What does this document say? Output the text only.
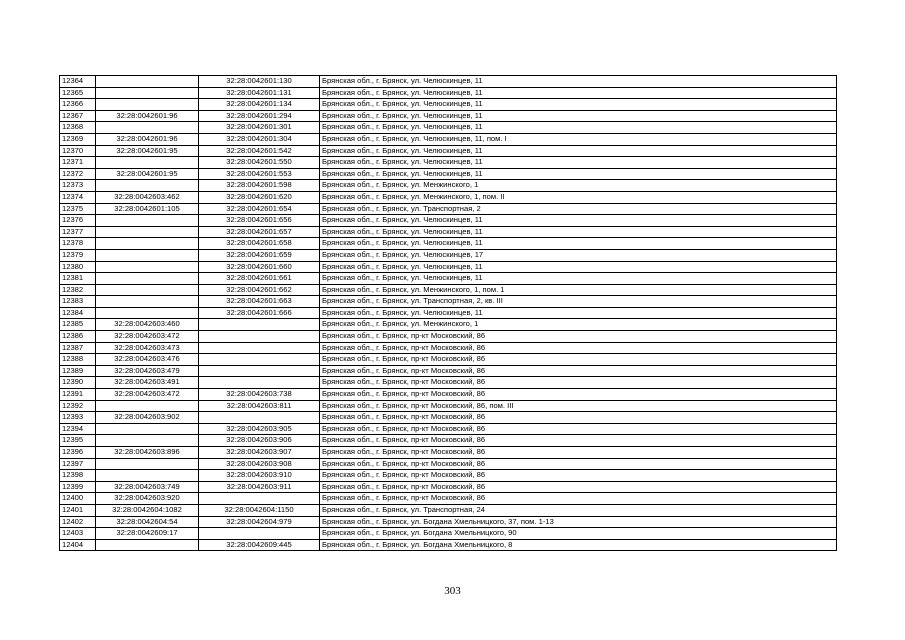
12364		32:28:0042601:130	Брянская обл., г. Брянск, ул. Челюскинцев, 11
12365		32:28:0042601:131	Брянская обл., г. Брянск, ул. Челюскинцев, 11
12366		32:28:0042601:134	Брянская обл., г. Брянск, ул. Челюскинцев, 11
12367	32:28:0042601:96	32:28:0042601:294	Брянская обл., г. Брянск, ул. Челюскинцев, 11
12368		32:28:0042601:301	Брянская обл., г. Брянск, ул. Челюскинцев, 11
12369	32:28:0042601:96	32:28:0042601:304	Брянская обл., г. Брянск, ул. Челюскинцев, 11, пом. I
12370	32:28:0042601:95	32:28:0042601:542	Брянская обл., г. Брянск, ул. Челюскинцев, 11
12371		32:28:0042601:550	Брянская обл., г. Брянск, ул. Челюскинцев, 11
12372	32:28:0042601:95	32:28:0042601:553	Брянская обл., г. Брянск, ул. Челюскинцев, 11
12373		32:28:0042601:598	Брянская обл., г. Брянск, ул. Менжинского, 1
12374	32:28:0042603:462	32:28:0042601:620	Брянская обл., г. Брянск, ул. Менжинского, 1, пом. II
12375	32:28:0042601:105	32:28:0042601:654	Брянская обл., г. Брянск, ул. Транспортная, 2
12376		32:28:0042601:656	Брянская обл., г. Брянск, ул. Челюскинцев, 11
12377		32:28:0042601:657	Брянская обл., г. Брянск, ул. Челюскинцев, 11
12378		32:28:0042601:658	Брянская обл., г. Брянск, ул. Челюскинцев, 11
12379		32:28:0042601:659	Брянская обл., г. Брянск, ул. Челюскинцев, 17
12380		32:28:0042601:660	Брянская обл., г. Брянск, ул. Челюскинцев, 11
12381		32:28:0042601:661	Брянская обл., г. Брянск, ул. Челюскинцев, 11
12382		32:28:0042601:662	Брянская обл., г. Брянск, ул. Менжинского, 1, пом. 1
12383		32:28:0042601:663	Брянская обл., г. Брянск, ул. Транспортная, 2, кв. III
12384		32:28:0042601:666	Брянская обл., г. Брянск, ул. Челюскинцев, 11
12385	32:28:0042603:460		Брянская обл., г. Брянск, ул. Менжинского, 1
12386	32:28:0042603:472		Брянская обл., г. Брянск, пр-кт Московский, 86
12387	32:28:0042603:473		Брянская обл., г. Брянск, пр-кт Московский, 86
12388	32:28:0042603:476		Брянская обл., г. Брянск, пр-кт Московский, 86
12389	32:28:0042603:479		Брянская обл., г. Брянск, пр-кт Московский, 86
12390	32:28:0042603:491		Брянская обл., г. Брянск, пр-кт Московский, 86
12391	32:28:0042603:472	32:28:0042603:738	Брянская обл., г. Брянск, пр-кт Московский, 86
12392		32:28:0042603:811	Брянская обл., г. Брянск, пр-кт Московский, 86, пом. III
12393	32:28:0042603:902		Брянская обл., г. Брянск, пр-кт Московский, 86
12394		32:28:0042603:905	Брянская обл., г. Брянск, пр-кт Московский, 86
12395		32:28:0042603:906	Брянская обл., г. Брянск, пр-кт Московский, 86
12396	32:28:0042603:896	32:28:0042603:907	Брянская обл., г. Брянск, пр-кт Московский, 86
12397		32:28:0042603:908	Брянская обл., г. Брянск, пр-кт Московский, 86
12398		32:28:0042603:910	Брянская обл., г. Брянск, пр-кт Московский, 86
12399	32:28:0042603:749	32:28:0042603:911	Брянская обл., г. Брянск, пр-кт Московский, 86
12400	32:28:0042603:920		Брянская обл., г. Брянск, пр-кт Московский, 86
12401	32:28:0042604:1082	32:28:0042604:1150	Брянская обл., г. Брянск, ул. Транспортная, 24
12402	32:28:0042604:54	32:28:0042604:979	Брянская обл., г. Брянск, ул. Богдана Хмельницкого, 37, пом. 1-13
12403	32:28:0042609:17		Брянская обл., г. Брянск, ул. Богдана Хмельницкого, 90
12404		32:28:0042609:445	Брянская обл., г. Брянск, ул. Богдана Хмельницкого, 8
303
